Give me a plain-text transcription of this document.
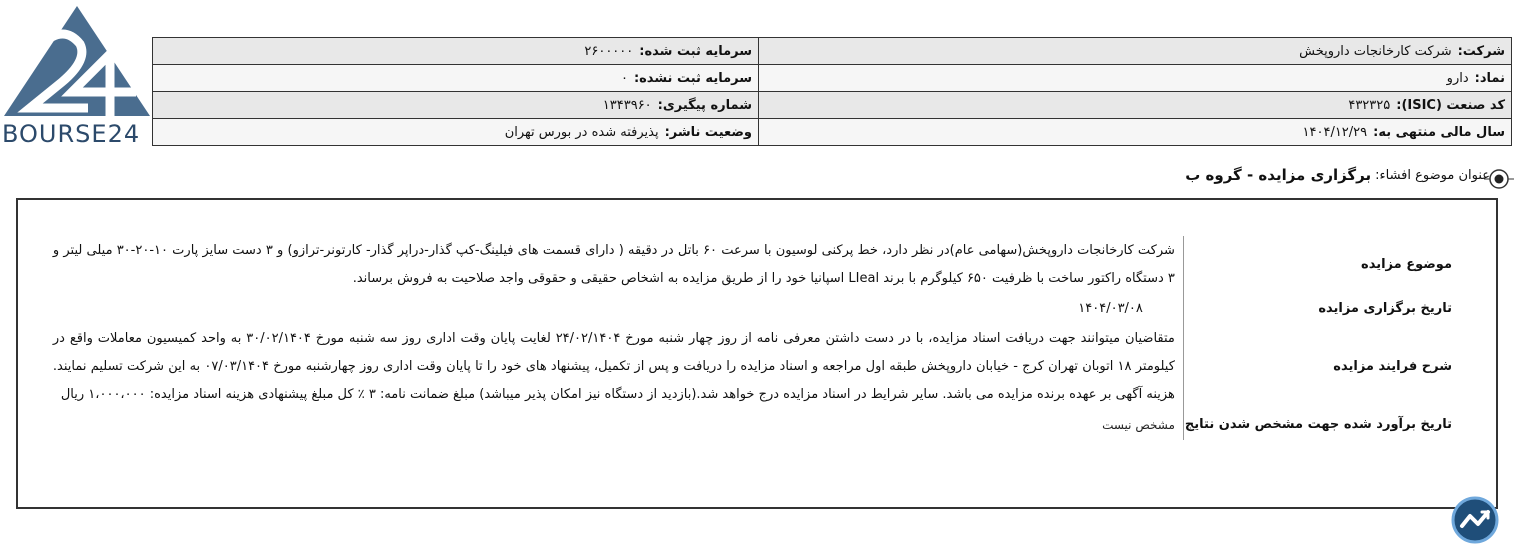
BOURSE24
شرکت:شرکت کارخانجات داروپخش	سرمایه ثبت شده:۲۶۰۰۰۰۰
نماد:دارو	سرمایه ثبت نشده:۰
کد صنعت (ISIC):۴۳۲۳۲۵	شماره پیگیری:۱۳۴۳۹۶۰
سال مالی منتهی به:۱۴۰۴/۱۲/۲۹	وضعیت ناشر:پذیرفته شده در بورس تهران
عنوان موضوع افشاء:
برگزاری مزایده - گروه ب
موضوع مزایده	شرکت کارخانجات داروپخش(سهامی عام)در نظر دارد، خط پرکنی لوسیون با سرعت ۶۰ باتل در دقیقه ( دارای قسمت های فیلینگ-کپ گذار-دراپر گذار- کارتونر-ترازو) و ۳ دست سایز پارت ۱۰-۲۰-۳۰ میلی لیتر و ۳ دستگاه راکتور ساخت با ظرفیت ۶۵۰ کیلوگرم با برند LIeal اسپانیا خود را از طریق مزایده به اشخاص حقیقی و حقوقی واجد صلاحیت به فروش برساند.
تاریخ برگزاری مزایده	۱۴۰۴/۰۳/۰۸
شرح فرایند مزایده	متقاضیان میتوانند جهت دریافت اسناد مزایده، با در دست داشتن معرفی نامه از روز چهار شنبه مورخ ۲۴/۰۲/۱۴۰۴ لغایت پایان وقت اداری روز سه شنبه مورخ ۳۰/۰۲/۱۴۰۴ به واحد کمیسیون معاملات واقع در کیلومتر ۱۸ اتوبان تهران کرج - خیابان داروپخش طبقه اول مراجعه و اسناد مزایده را دریافت و پس از تکمیل، پیشنهاد های خود را تا پایان وقت اداری روز چهارشنبه مورخ ۰۷/۰۳/۱۴۰۴ به این شرکت تسلیم نمایند. هزینه آگهی بر عهده برنده مزایده می باشد. سایر شرایط در اسناد مزایده درج خواهد شد.(بازدید از دستگاه نیز امکان پذیر میباشد) مبلغ ضمانت نامه: ۳ ٪ کل مبلغ پیشنهادی هزینه اسناد مزایده: ۱،۰۰۰،۰۰۰ ریال
تاریخ برآورد شده جهت مشخص شدن نتایج	مشخص نیست
